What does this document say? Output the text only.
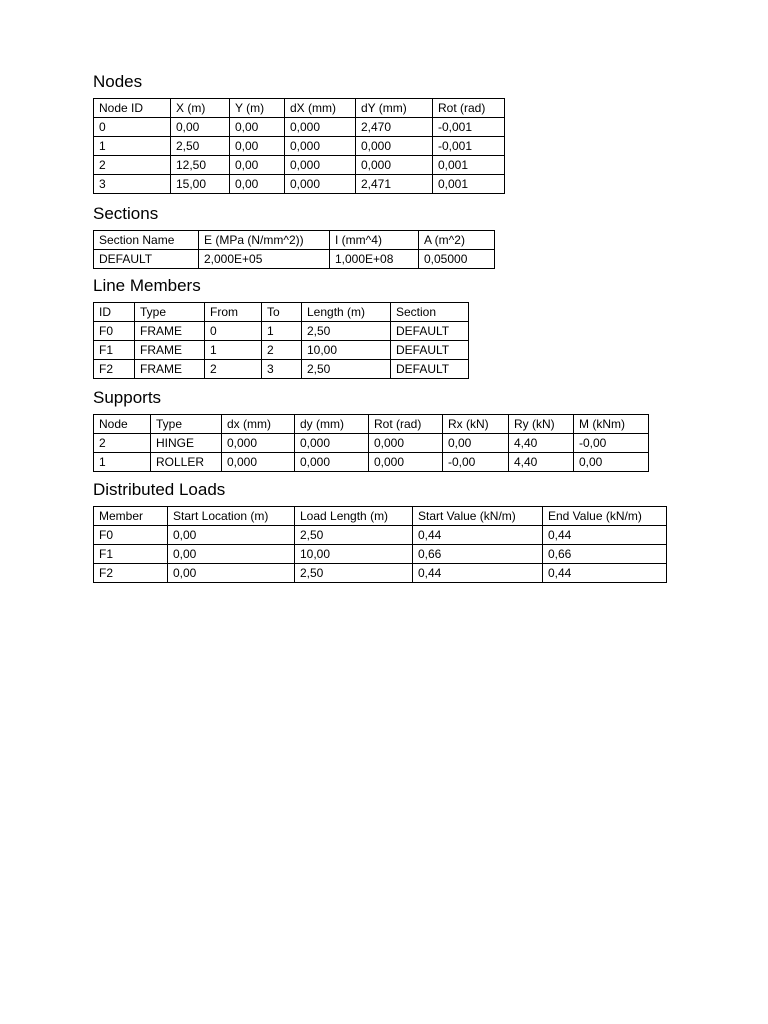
Nodes
Node ID	X (m)	Y (m)	dX (mm)	dY (mm)	Rot (rad)
0	0,00	0,00	0,000	2,470	-0,001
1	2,50	0,00	0,000	0,000	-0,001
2	12,50	0,00	0,000	0,000	0,001
3	15,00	0,00	0,000	2,471	0,001
Sections
Section Name	E (MPa (N/mm^2))	I (mm^4)	A (m^2)
DEFAULT	2,000E+05	1,000E+08	0,05000
Line Members
ID	Type	From	To	Length (m)	Section
F0	FRAME	0	1	2,50	DEFAULT
F1	FRAME	1	2	10,00	DEFAULT
F2	FRAME	2	3	2,50	DEFAULT
Supports
Node	Type	dx (mm)	dy (mm)	Rot (rad)	Rx (kN)	Ry (kN)	M (kNm)
2	HINGE	0,000	0,000	0,000	0,00	4,40	-0,00
1	ROLLER	0,000	0,000	0,000	-0,00	4,40	0,00
Distributed Loads
Member	Start Location (m)	Load Length (m)	Start Value (kN/m)	End Value (kN/m)
F0	0,00	2,50	0,44	0,44
F1	0,00	10,00	0,66	0,66
F2	0,00	2,50	0,44	0,44
